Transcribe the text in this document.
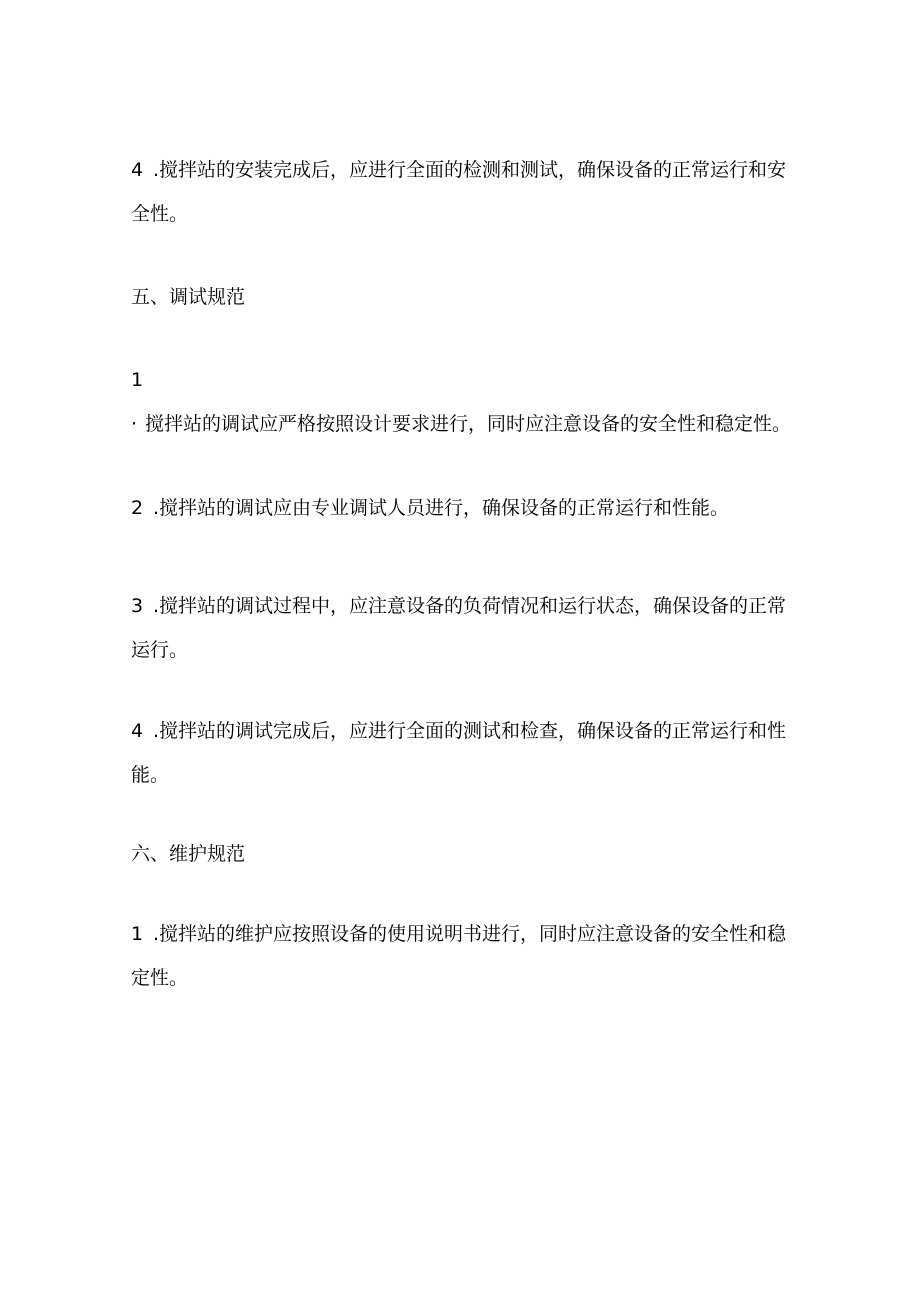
4 .搅拌站的安装完成后，应进行全面的检测和测试，确保设备的正常运行和安全性。

五、调试规范

1· 搅拌站的调试应严格按照设计要求进行，同时应注意设备的安全性和稳定性。

2 .搅拌站的调试应由专业调试人员进行，确保设备的正常运行和性能。

3 .搅拌站的调试过程中，应注意设备的负荷情况和运行状态，确保设备的正常运行。

4 .搅拌站的调试完成后，应进行全面的测试和检查，确保设备的正常运行和性能。

六、维护规范

1 .搅拌站的维护应按照设备的使用说明书进行，同时应注意设备的安全性和稳定性。
